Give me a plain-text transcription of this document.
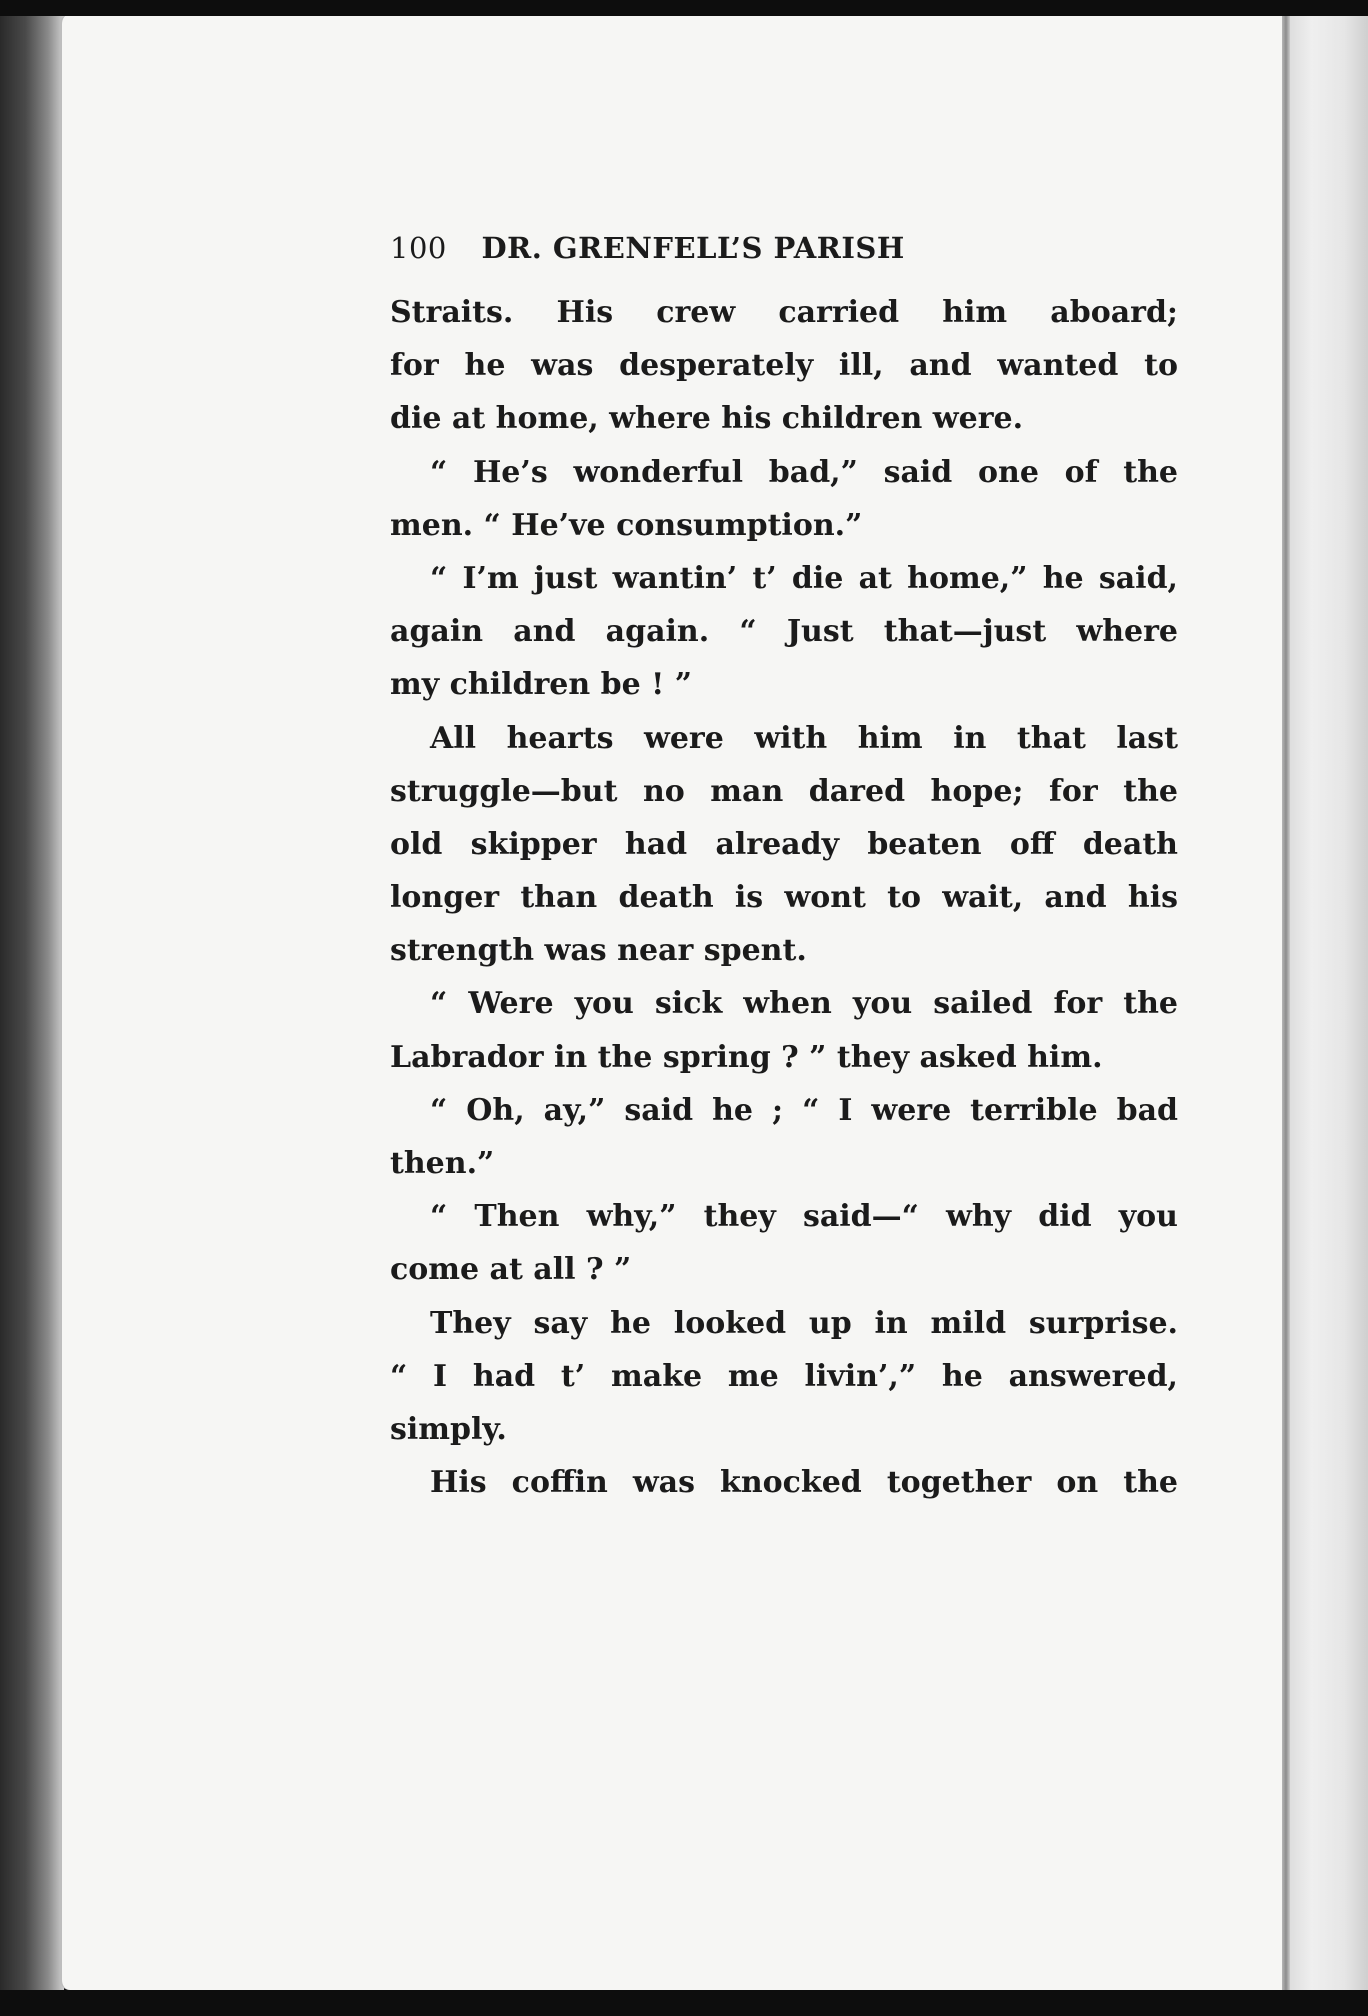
100 DR. GRENFELL’S PARISH
Straits. His crew carried him aboard;
for he was desperately ill, and wanted to
die at home, where his children were.
“ He’s wonderful bad,” said one of the
men. “ He’ve consumption.”
“ I’m just wantin’ t’ die at home,” he said,
again and again. “ Just that—just where
my children be ! ”
All hearts were with him in that last
struggle—but no man dared hope; for the
old skipper had already beaten off death
longer than death is wont to wait, and his
strength was near spent.
“ Were you sick when you sailed for the
Labrador in the spring ? ” they asked him.
“ Oh, ay,” said he ; “ I were terrible bad
then.”
“ Then why,” they said—“ why did you
come at all ? ”
They say he looked up in mild surprise.
“ I had t’ make me livin’,” he answered,
simply.
His coffin was knocked together on the
